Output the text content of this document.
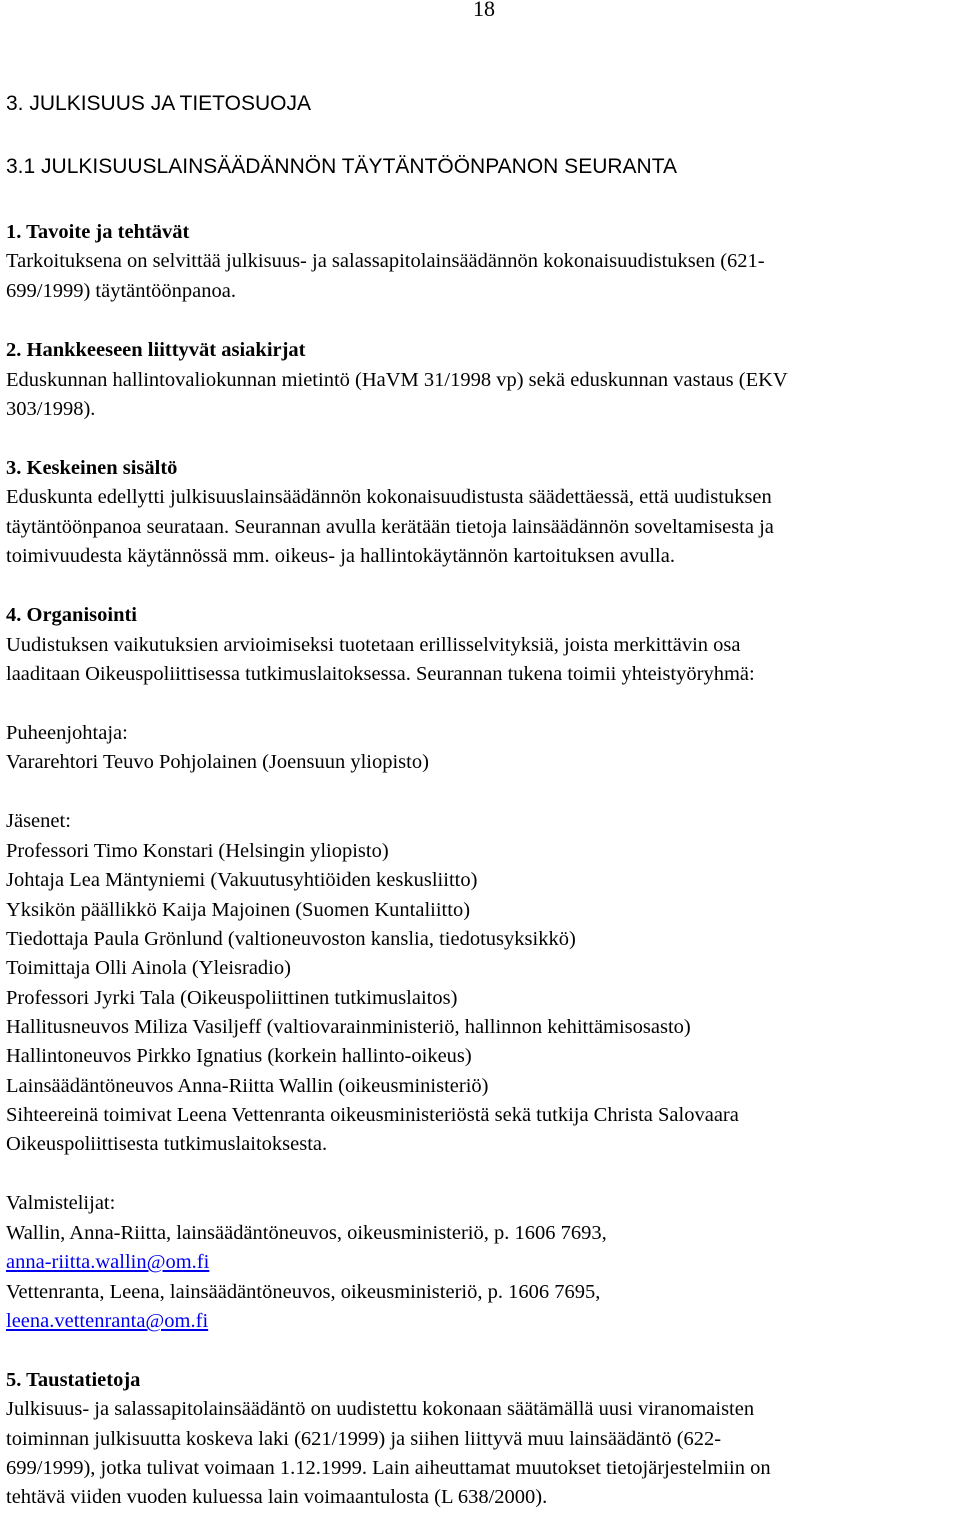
18
3. JULKISUUS JA TIETOSUOJA
3.1 JULKISUUSLAINSÄÄDÄNNÖN TÄYTÄNTÖÖNPANON SEURANTA
1. Tavoite ja tehtävät
Tarkoituksena on selvittää julkisuus- ja salassapitolainsäädännön kokonaisuudistuksen (621-
699/1999) täytäntöönpanoa.
2. Hankkeeseen liittyvät asiakirjat
Eduskunnan hallintovaliokunnan mietintö (HaVM 31/1998 vp) sekä eduskunnan vastaus (EKV
303/1998).
3. Keskeinen sisältö
Eduskunta edellytti julkisuuslainsäädännön kokonaisuudistusta säädettäessä, että uudistuksen
täytäntöönpanoa seurataan. Seurannan avulla kerätään tietoja lainsäädännön soveltamisesta ja
toimivuudesta käytännössä mm. oikeus- ja hallintokäytännön kartoituksen avulla.
4. Organisointi
Uudistuksen vaikutuksien arvioimiseksi tuotetaan erillisselvityksiä, joista merkittävin osa
laaditaan Oikeuspoliittisessa tutkimuslaitoksessa. Seurannan tukena toimii yhteistyöryhmä:
Puheenjohtaja:
Vararehtori Teuvo Pohjolainen (Joensuun yliopisto)
Jäsenet:
Professori Timo Konstari (Helsingin yliopisto)
Johtaja Lea Mäntyniemi (Vakuutusyhtiöiden keskusliitto)
Yksikön päällikkö Kaija Majoinen (Suomen Kuntaliitto)
Tiedottaja Paula Grönlund (valtioneuvoston kanslia, tiedotusyksikkö)
Toimittaja Olli Ainola (Yleisradio)
Professori Jyrki Tala (Oikeuspoliittinen tutkimuslaitos)
Hallitusneuvos Miliza Vasiljeff (valtiovarainministeriö, hallinnon kehittämisosasto)
Hallintoneuvos Pirkko Ignatius (korkein hallinto-oikeus)
Lainsäädäntöneuvos Anna-Riitta Wallin (oikeusministeriö)
Sihteereinä toimivat Leena Vettenranta oikeusministeriöstä sekä tutkija Christa Salovaara
Oikeuspoliittisesta tutkimuslaitoksesta.
Valmistelijat:
Wallin, Anna-Riitta, lainsäädäntöneuvos, oikeusministeriö, p. 1606 7693,
anna-riitta.wallin@om.fi
Vettenranta, Leena, lainsäädäntöneuvos, oikeusministeriö, p. 1606 7695,
leena.vettenranta@om.fi
5. Taustatietoja
Julkisuus- ja salassapitolainsäädäntö on uudistettu kokonaan säätämällä uusi viranomaisten
toiminnan julkisuutta koskeva laki (621/1999) ja siihen liittyvä muu lainsäädäntö (622-
699/1999), jotka tulivat voimaan 1.12.1999. Lain aiheuttamat muutokset tietojärjestelmiin on
tehtävä viiden vuoden kuluessa lain voimaantulosta (L 638/2000).
